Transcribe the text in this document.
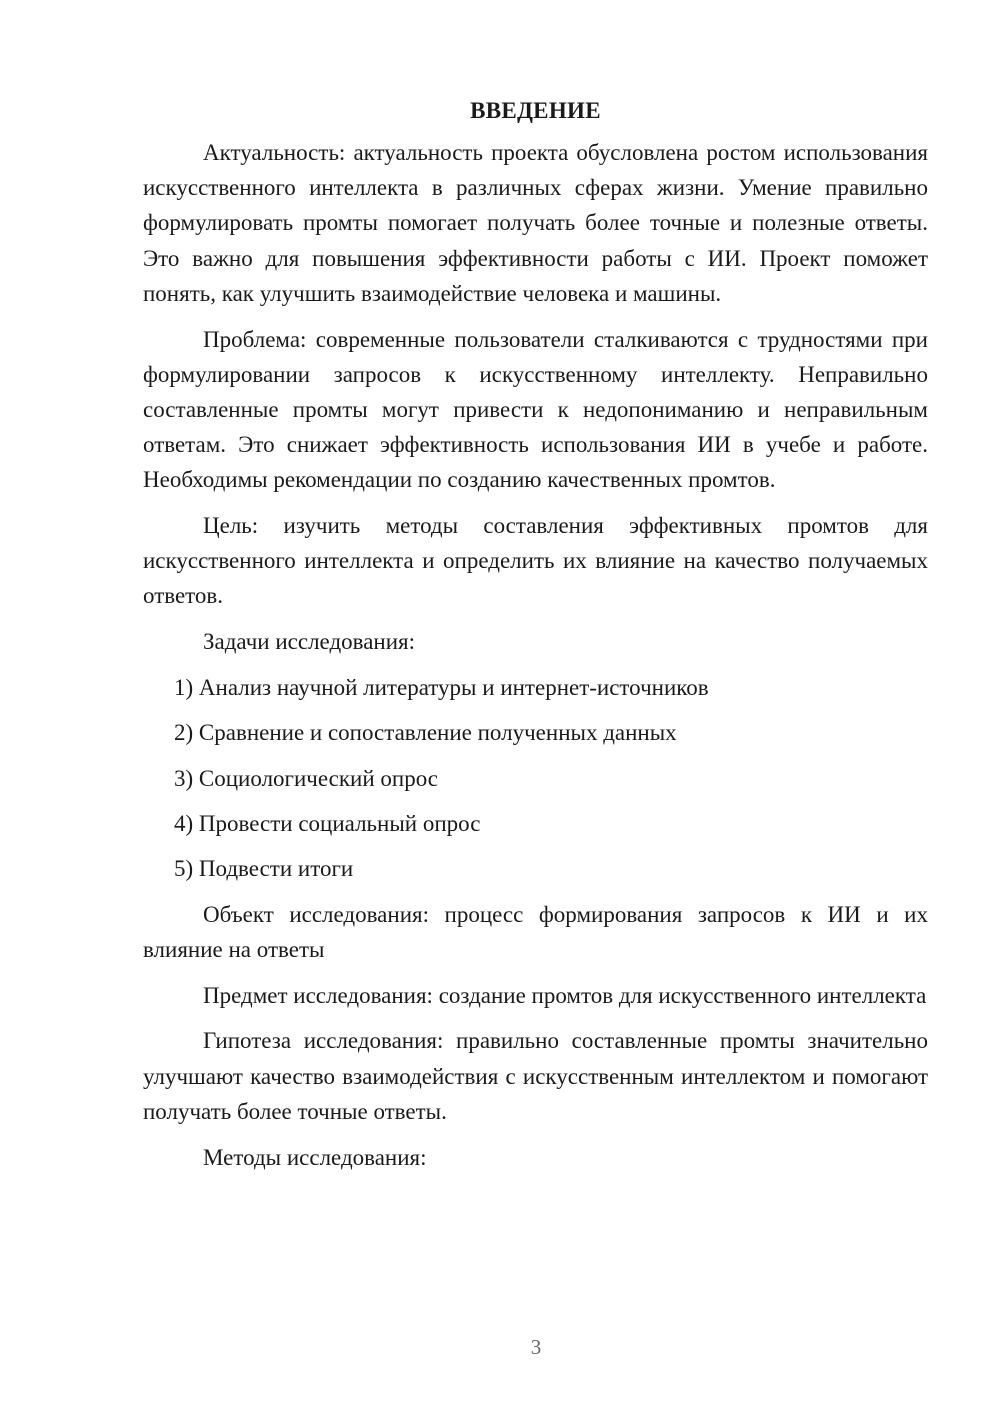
ВВЕДЕНИЕ

Актуальность: актуальность проекта обусловлена ростом использования искусственного интеллекта в различных сферах жизни. Умение правильно формулировать промты помогает получать более точные и полезные ответы. Это важно для повышения эффективности работы с ИИ. Проект поможет понять, как улучшить взаимодействие человека и машины.

Проблема: современные пользователи сталкиваются с трудностями при формулировании запросов к искусственному интеллекту. Неправильно составленные промты могут привести к недопониманию и неправильным ответам. Это снижает эффективность использования ИИ в учебе и работе. Необходимы рекомендации по созданию качественных промтов.

Цель: изучить методы составления эффективных промтов для искусственного интеллекта и определить их влияние на качество получаемых ответов.

Задачи исследования:

1) Анализ научной литературы и интернет-источников
2) Сравнение и сопоставление полученных данных
3) Социологический опрос
4) Провести социальный опрос
5) Подвести итоги

Объект исследования: процесс формирования запросов к ИИ и их влияние на ответы

Предмет исследования: создание промтов для искусственного интеллекта

Гипотеза исследования: правильно составленные промты значительно улучшают качество взаимодействия с искусственным интеллектом и помогают получать более точные ответы.

Методы исследования:

3
